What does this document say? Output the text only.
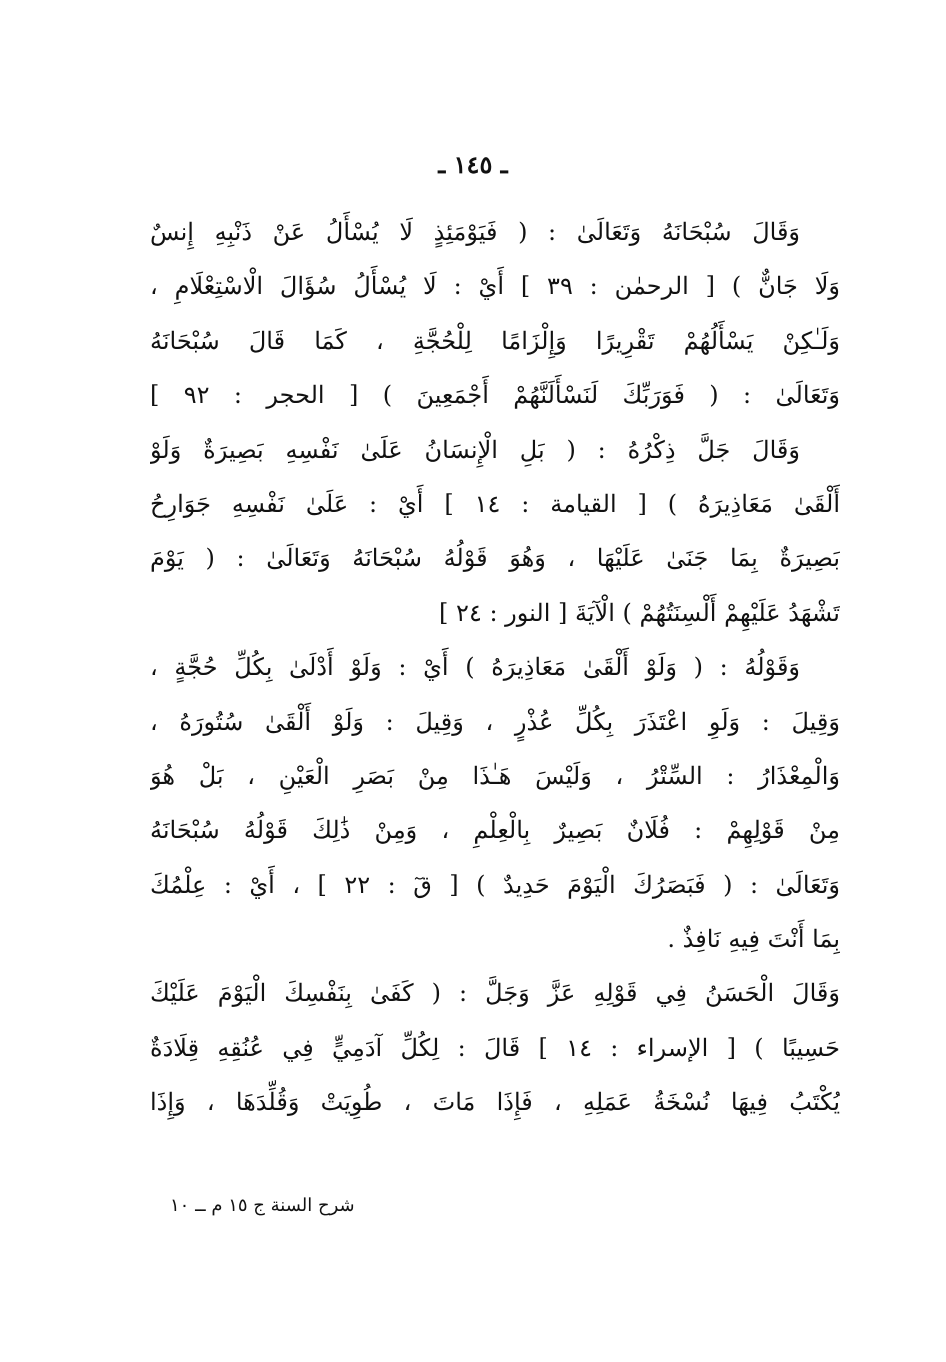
ـ ١٤٥ ـ
وَقَالَ سُبْحَانَهُ وَتَعَالَىٰ : ( فَيَوْمَئِذٍ لَا يُسْأَلُ عَنْ ذَنْبِهِ إِنسٌ
وَلَا جَانٌّ ) [ الرحمٰن : ٣٩ ] أَيْ : لَا يُسْأَلُ سُؤَالَ الْاسْتِعْلَامِ ،
وَلَـٰكِنْ يَسْأَلُهُمْ تَقْرِيرًا وَإِلْزَامًا لِلْحُجَّةِ ، كَمَا قَالَ سُبْحَانَهُ
وَتَعَالَىٰ : ( فَوَرَبِّكَ لَنَسْأَلَنَّهُمْ أَجْمَعِينَ ) [ الحجر : ٩٢ ]
وَقَالَ جَلَّ ذِكْرُهُ : ( بَلِ الْإِنسَانُ عَلَىٰ نَفْسِهِ بَصِيرَةٌ وَلَوْ
أَلْقَىٰ مَعَاذِيرَهُ ) [ القيامة : ١٤ ] أَيْ : عَلَىٰ نَفْسِهِ جَوَارِحُ
بَصِيرَةٌ بِمَا جَنَىٰ عَلَيْهَا ، وَهُوَ قَوْلُهُ سُبْحَانَهُ وَتَعَالَىٰ : ( يَوْمَ
تَشْهَدُ عَلَيْهِمْ أَلْسِنَتُهُمْ ) الْآيَةَ [ النور : ٢٤ ]
وَقَوْلُهُ : ( وَلَوْ أَلْقَىٰ مَعَاذِيرَهُ ) أَيْ : وَلَوْ أَدْلَىٰ بِكُلِّ حُجَّةٍ ،
وَقِيلَ : وَلَوِ اعْتَذَرَ بِكُلِّ عُذْرٍ ، وَقِيلَ : وَلَوْ أَلْقَىٰ سُتُورَهُ ،
وَالْمِعْذَارُ : السِّتْرُ ، وَلَيْسَ هَـٰذَا مِنْ بَصَرِ الْعَيْنِ ، بَلْ هُوَ
مِنْ قَوْلِهِمْ : فُلَانٌ بَصِيرٌ بِالْعِلْمِ ، وَمِنْ ذَٰلِكَ قَوْلُهُ سُبْحَانَهُ
وَتَعَالَىٰ : ( فَبَصَرُكَ الْيَوْمَ حَدِيدٌ ) [ قٓ : ٢٢ ] ، أَيْ : عِلْمُكَ
بِمَا أَنْتَ فِيهِ نَافِذٌ .
وَقَالَ الْحَسَنُ فِي قَوْلِهِ عَزَّ وَجَلَّ : ( كَفَىٰ بِنَفْسِكَ الْيَوْمَ عَلَيْكَ
حَسِيبًا ) [ الإسراء : ١٤ ] قَالَ : لِكُلِّ آدَمِيٍّ فِي عُنُقِهِ قِلَادَةٌ
يُكْتَبُ فِيهَا نُسْخَةُ عَمَلِهِ ، فَإِذَا مَاتَ ، طُوِيَتْ وَقُلِّدَهَا ، وَإِذَا
شرح السنة ج ١٥ م ــ ١٠
